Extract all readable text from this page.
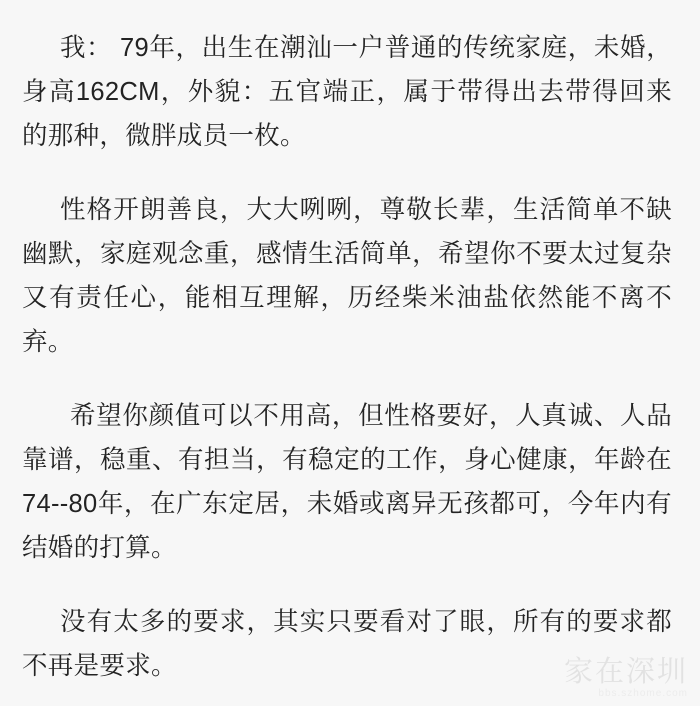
我： 79年，出生在潮汕一户普通的传统家庭，未婚，身高162CM，外貌：五官端正，属于带得出去带得回来的那种，微胖成员一枚。

性格开朗善良，大大咧咧，尊敬长辈，生活简单不缺幽默，家庭观念重，感情生活简单，希望你不要太过复杂又有责任心，能相互理解，历经柴米油盐依然能不离不弃。

希望你颜值可以不用高，但性格要好，人真诚、人品靠谱，稳重、有担当，有稳定的工作，身心健康，年龄在74--80年，在广东定居，未婚或离异无孩都可，今年内有结婚的打算。

没有太多的要求，其实只要看对了眼，所有的要求都不再是要求。	家在深圳
bbs.szhome.com
